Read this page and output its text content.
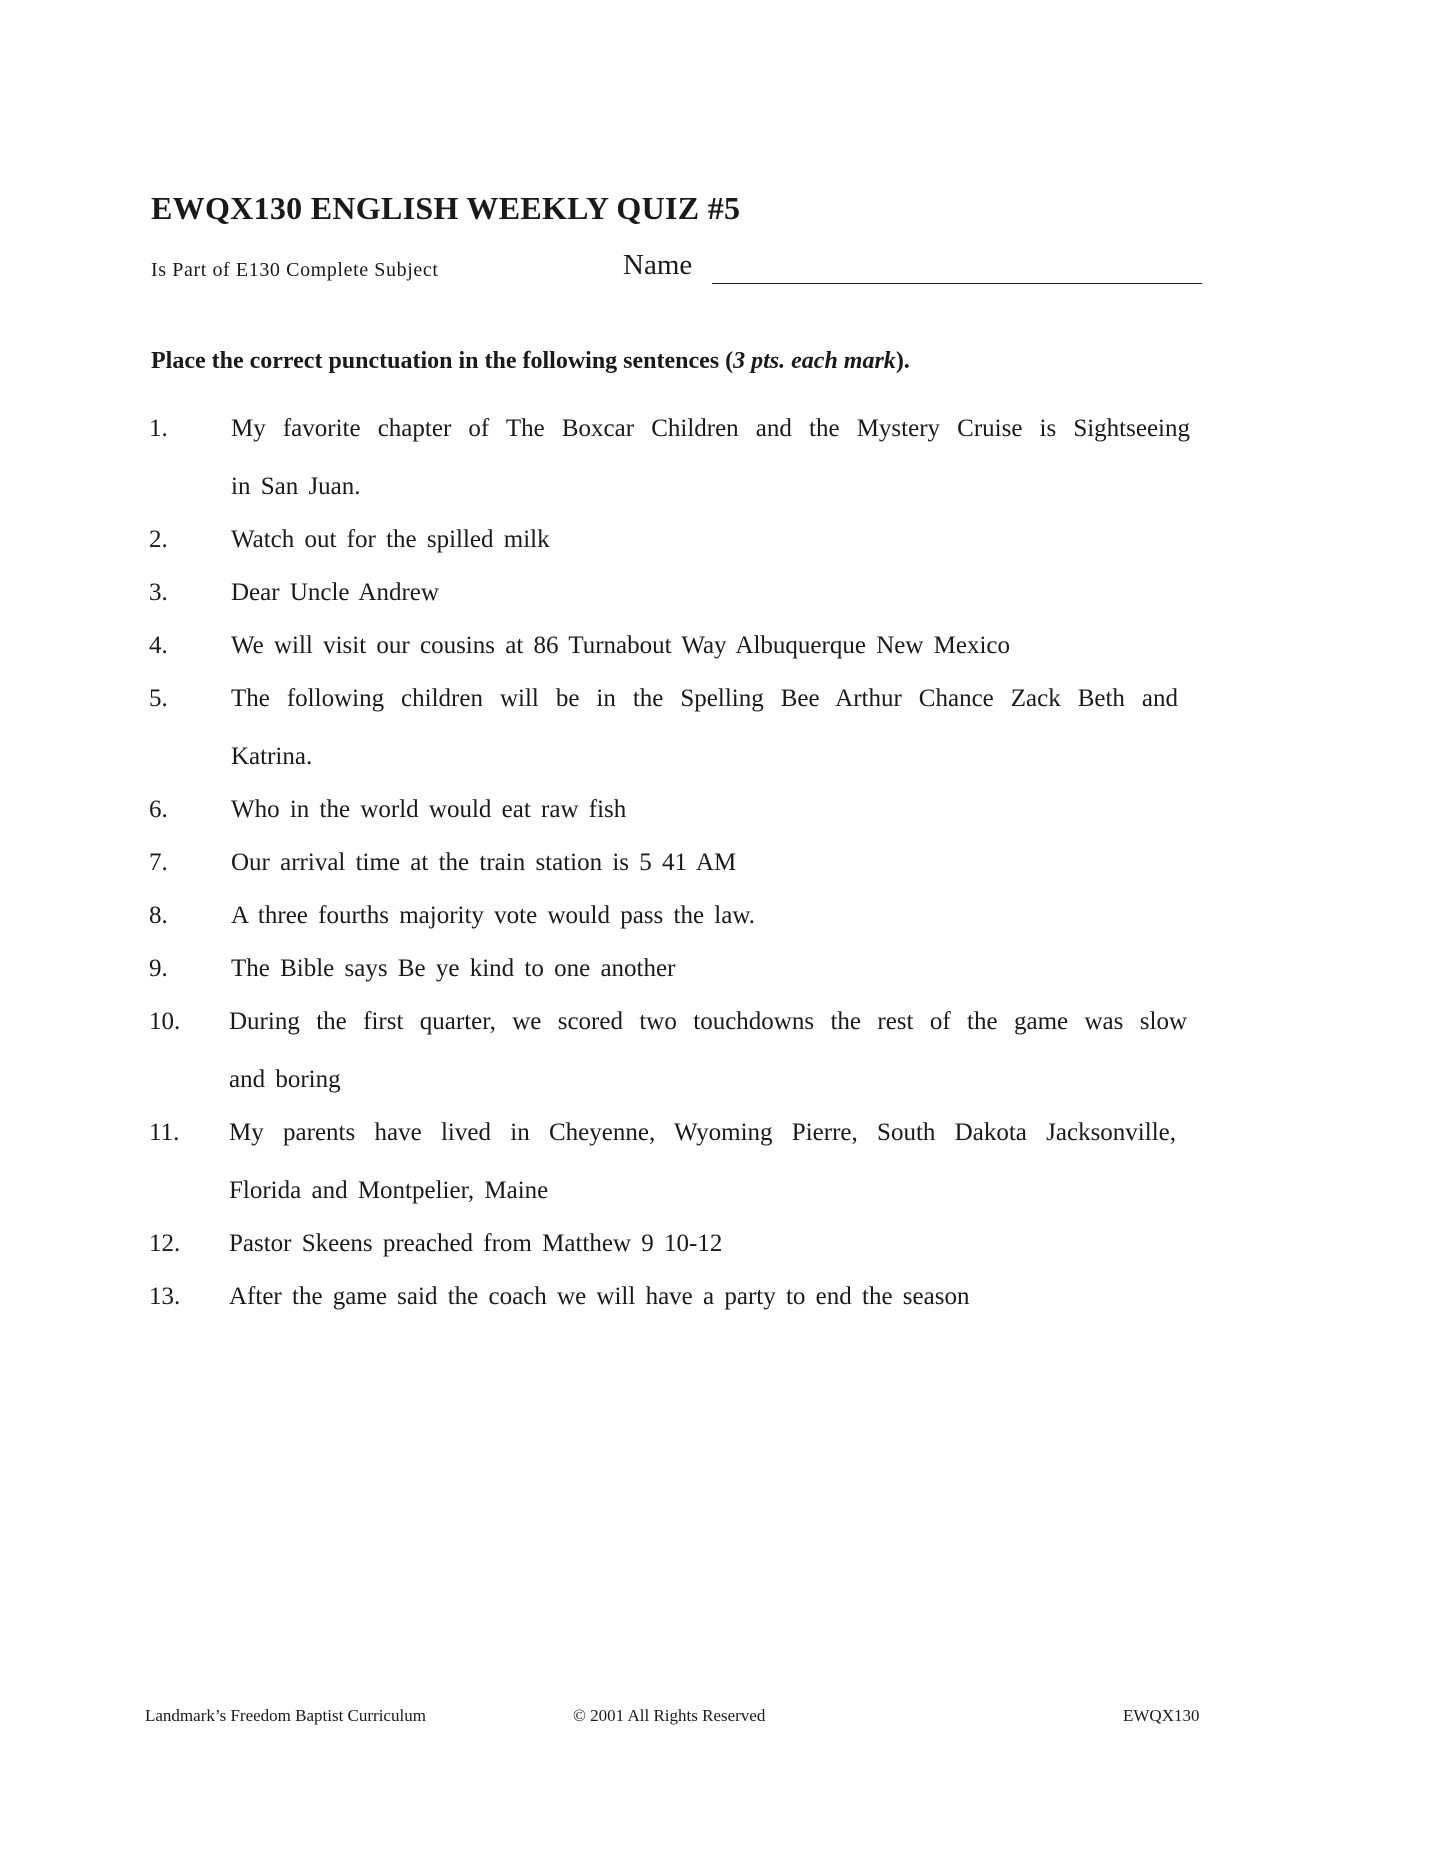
EWQX130 ENGLISH WEEKLY QUIZ #5
Is Part of E130 Complete Subject	Name
Place the correct punctuation in the following sentences (3 pts. each mark).
1.	My favorite chapter of The Boxcar Children and the Mystery Cruise is Sightseeing
in San Juan.
2.	Watch out for the spilled milk
3.	Dear Uncle Andrew
4.	We will visit our cousins at 86 Turnabout Way Albuquerque New Mexico
5.	The following children will be in the Spelling Bee Arthur Chance Zack Beth and
Katrina.
6.	Who in the world would eat raw fish
7.	Our arrival time at the train station is 5 41 AM
8.	A three fourths majority vote would pass the law.
9.	The Bible says Be ye kind to one another
10. During the first quarter, we scored two touchdowns the rest of the game was slow
and boring
11. My parents have lived in Cheyenne, Wyoming Pierre, South Dakota Jacksonville,
Florida and Montpelier, Maine
12. Pastor Skeens preached from Matthew 9 10-12
13. After the game said the coach we will have a party to end the season
Landmark’s Freedom Baptist Curriculum	© 2001 All Rights Reserved	EWQX130
